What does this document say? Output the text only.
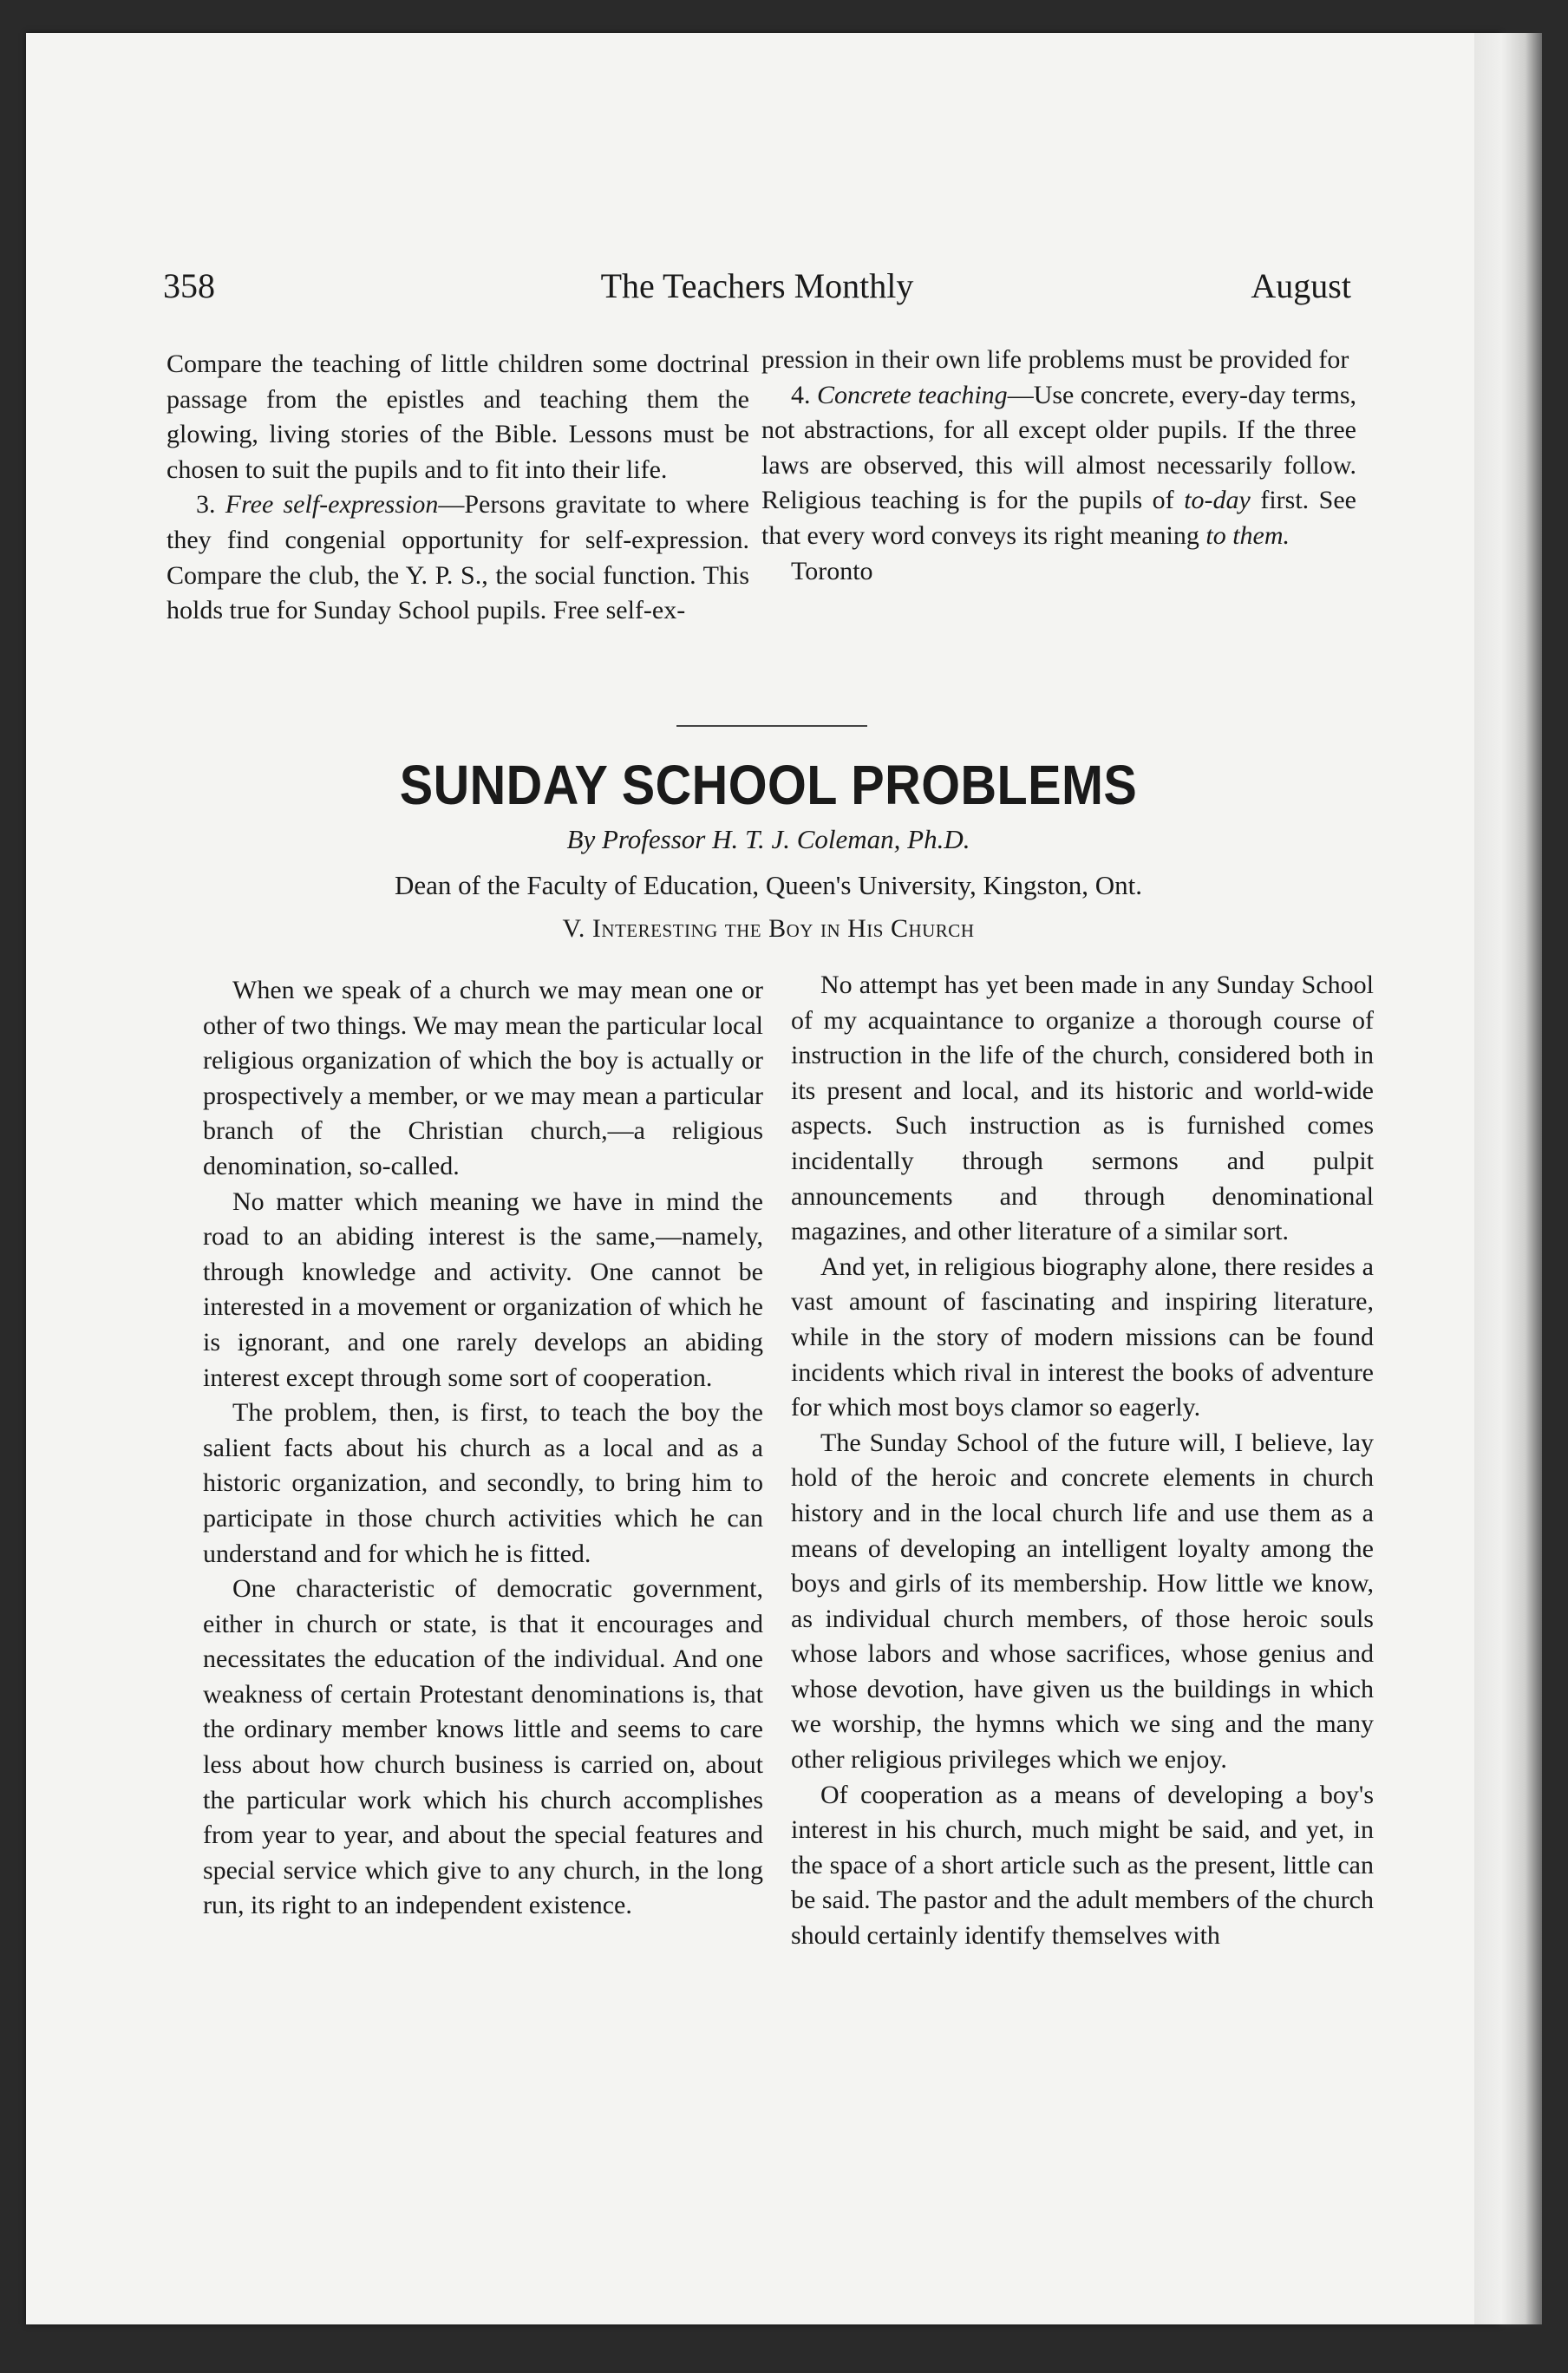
358	The Teachers Monthly	August

Compare the teaching of little children some doctrinal passage from the epistles and teaching them the glowing, living stories of the Bible. Lessons must be chosen to suit the pupils and to fit into their life.

3. Free self-expression—Persons gravitate to where they find congenial opportunity for self-expression. Compare the club, the Y. P. S., the social function. This holds true for Sunday School pupils. Free self-ex-

pression in their own life problems must be provided for

4. Concrete teaching—Use concrete, every-day terms, not abstractions, for all except older pupils. If the three laws are observed, this will almost necessarily follow. Religious teaching is for the pupils of to-day first. See that every word conveys its right meaning to them.

Toronto

SUNDAY SCHOOL PROBLEMS
By Professor H. T. J. Coleman, Ph.D.
Dean of the Faculty of Education, Queen's University, Kingston, Ont.
V. Interesting the Boy in His Church

When we speak of a church we may mean one or other of two things. We may mean the particular local religious organization of which the boy is actually or prospectively a member, or we may mean a particular branch of the Christian church,—a religious denomination, so-called.

No matter which meaning we have in mind the road to an abiding interest is the same,—namely, through knowledge and activity. One cannot be interested in a movement or organization of which he is ignorant, and one rarely develops an abiding interest except through some sort of cooperation.

The problem, then, is first, to teach the boy the salient facts about his church as a local and as a historic organization, and secondly, to bring him to participate in those church activities which he can understand and for which he is fitted.

One characteristic of democratic government, either in church or state, is that it encourages and necessitates the education of the individual. And one weakness of certain Protestant denominations is, that the ordinary member knows little and seems to care less about how church business is carried on, about the particular work which his church accomplishes from year to year, and about the special features and special service which give to any church, in the long run, its right to an independent existence.

No attempt has yet been made in any Sunday School of my acquaintance to organize a thorough course of instruction in the life of the church, considered both in its present and local, and its historic and world-wide aspects. Such instruction as is furnished comes incidentally through sermons and pulpit announcements and through denominational magazines, and other literature of a similar sort.

And yet, in religious biography alone, there resides a vast amount of fascinating and inspiring literature, while in the story of modern missions can be found incidents which rival in interest the books of adventure for which most boys clamor so eagerly.

The Sunday School of the future will, I believe, lay hold of the heroic and concrete elements in church history and in the local church life and use them as a means of developing an intelligent loyalty among the boys and girls of its membership. How little we know, as individual church members, of those heroic souls whose labors and whose sacrifices, whose genius and whose devotion, have given us the buildings in which we worship, the hymns which we sing and the many other religious privileges which we enjoy.

Of cooperation as a means of developing a boy's interest in his church, much might be said, and yet, in the space of a short article such as the present, little can be said. The pastor and the adult members of the church should certainly identify themselves with
